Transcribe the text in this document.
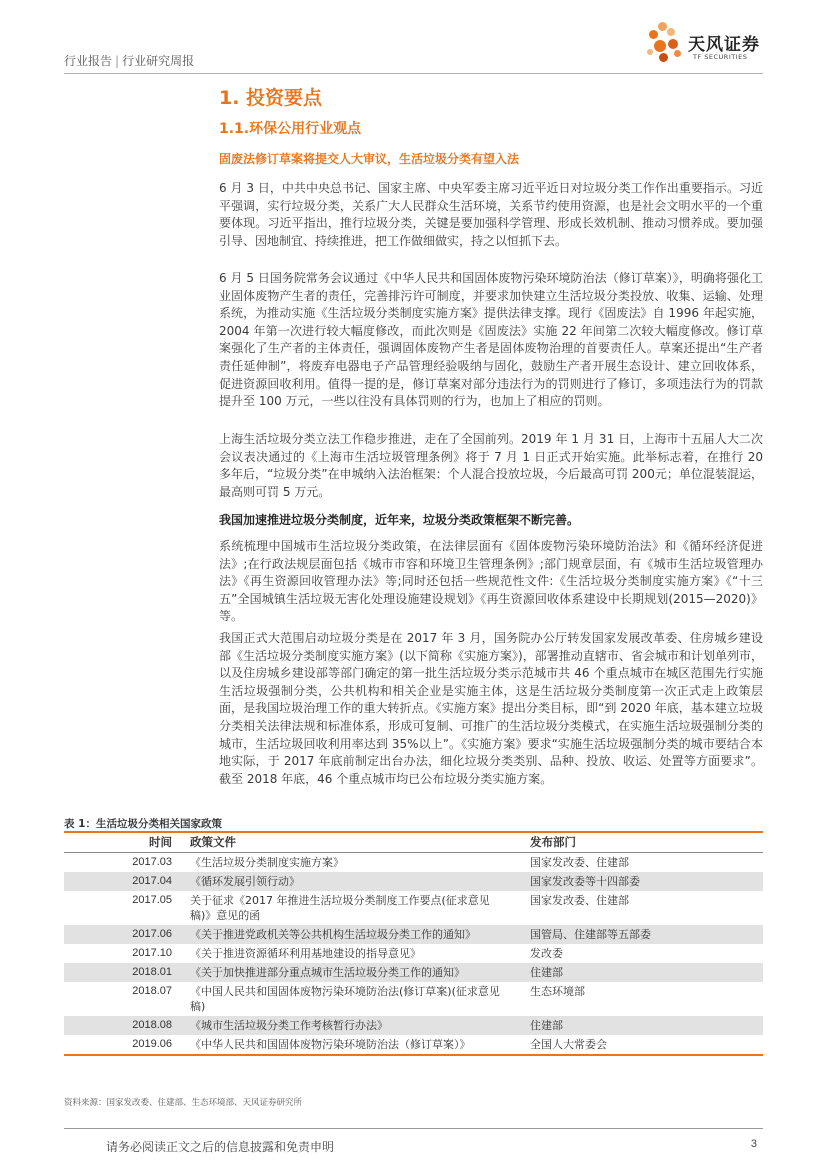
行业报告 | 行业研究周报
天风证券
TF SECURITIES
1. 投资要点
1.1.环保公用行业观点
固废法修订草案将提交人大审议，生活垃圾分类有望入法
6 月 3 日，中共中央总书记、国家主席、中央军委主席习近平近日对垃圾分类工作作出重要指示。习近平强调，实行垃圾分类，关系广大人民群众生活环境，关系节约使用资源，也是社会文明水平的一个重要体现。习近平指出，推行垃圾分类，关键是要加强科学管理、形成长效机制、推动习惯养成。要加强引导、因地制宜、持续推进，把工作做细做实，持之以恒抓下去。
6 月 5 日国务院常务会议通过《中华人民共和国固体废物污染环境防治法（修订草案）》，明确将强化工业固体废物产生者的责任，完善排污许可制度，并要求加快建立生活垃圾分类投放、收集、运输、处理系统，为推动实施《生活垃圾分类制度实施方案》提供法律支撑。现行《固废法》自 1996 年起实施，2004 年第一次进行较大幅度修改，而此次则是《固废法》实施 22 年间第二次较大幅度修改。修订草案强化了生产者的主体责任，强调固体废物产生者是固体废物治理的首要责任人。草案还提出“生产者责任延伸制”，将废弃电器电子产品管理经验吸纳与固化，鼓励生产者开展生态设计、建立回收体系，促进资源回收利用。值得一提的是，修订草案对部分违法行为的罚则进行了修订，多项违法行为的罚款提升至 100 万元，一些以往没有具体罚则的行为，也加上了相应的罚则。
上海生活垃圾分类立法工作稳步推进，走在了全国前列。2019 年 1 月 31 日，上海市十五届人大二次会议表决通过的《上海市生活垃圾管理条例》将于 7 月 1 日正式开始实施。此举标志着，在推行 20 多年后，“垃圾分类”在申城纳入法治框架：个人混合投放垃圾，今后最高可罚 200元；单位混装混运，最高则可罚 5 万元。
我国加速推进垃圾分类制度，近年来，垃圾分类政策框架不断完善。
系统梳理中国城市生活垃圾分类政策，在法律层面有《固体废物污染环境防治法》和《循环经济促进法》;在行政法规层面包括《城市市容和环境卫生管理条例》;部门规章层面，有《城市生活垃圾管理办法》《再生资源回收管理办法》等;同时还包括一些规范性文件:《生活垃圾分类制度实施方案》《“十三五”全国城镇生活垃圾无害化处理设施建设规划》《再生资源回收体系建设中长期规划(2015—2020)》等。
我国正式大范围启动垃圾分类是在 2017 年 3 月，国务院办公厅转发国家发展改革委、住房城乡建设部《生活垃圾分类制度实施方案》(以下简称《实施方案》)，部署推动直辖市、省会城市和计划单列市，以及住房城乡建设部等部门确定的第一批生活垃圾分类示范城市共 46 个重点城市在城区范围先行实施生活垃圾强制分类，公共机构和相关企业是实施主体，这是生活垃圾分类制度第一次正式走上政策层面，是我国垃圾治理工作的重大转折点。《实施方案》提出分类目标，即“到 2020 年底，基本建立垃圾分类相关法律法规和标准体系，形成可复制、可推广的生活垃圾分类模式，在实施生活垃圾强制分类的城市，生活垃圾回收利用率达到 35%以上”。《实施方案》要求“实施生活垃圾强制分类的城市要结合本地实际，于 2017 年底前制定出台办法，细化垃圾分类类别、品种、投放、收运、处置等方面要求”。截至 2018 年底，46 个重点城市均已公布垃圾分类实施方案。
表 1：生活垃圾分类相关国家政策
时间	政策文件	发布部门
2017.03	《生活垃圾分类制度实施方案》	国家发改委、住建部
2017.04	《循环发展引领行动》	国家发改委等十四部委
2017.05	关于征求《2017 年推进生活垃圾分类制度工作要点(征求意见稿)》意见的函	国家发改委、住建部
2017.06	《关于推进党政机关等公共机构生活垃圾分类工作的通知》	国管局、住建部等五部委
2017.10	《关于推进资源循环利用基地建设的指导意见》	发改委
2018.01	《关于加快推进部分重点城市生活垃圾分类工作的通知》	住建部
2018.07	《中国人民共和国固体废物污染环境防治法(修订草案)(征求意见稿)	生态环境部
2018.08	《城市生活垃圾分类工作考核暂行办法》	住建部
2019.06	《中华人民共和国固体废物污染环境防治法（修订草案）》	全国人大常委会
资料来源：国家发改委、住建部、生态环境部、天风证券研究所
请务必阅读正文之后的信息披露和免责申明	3
